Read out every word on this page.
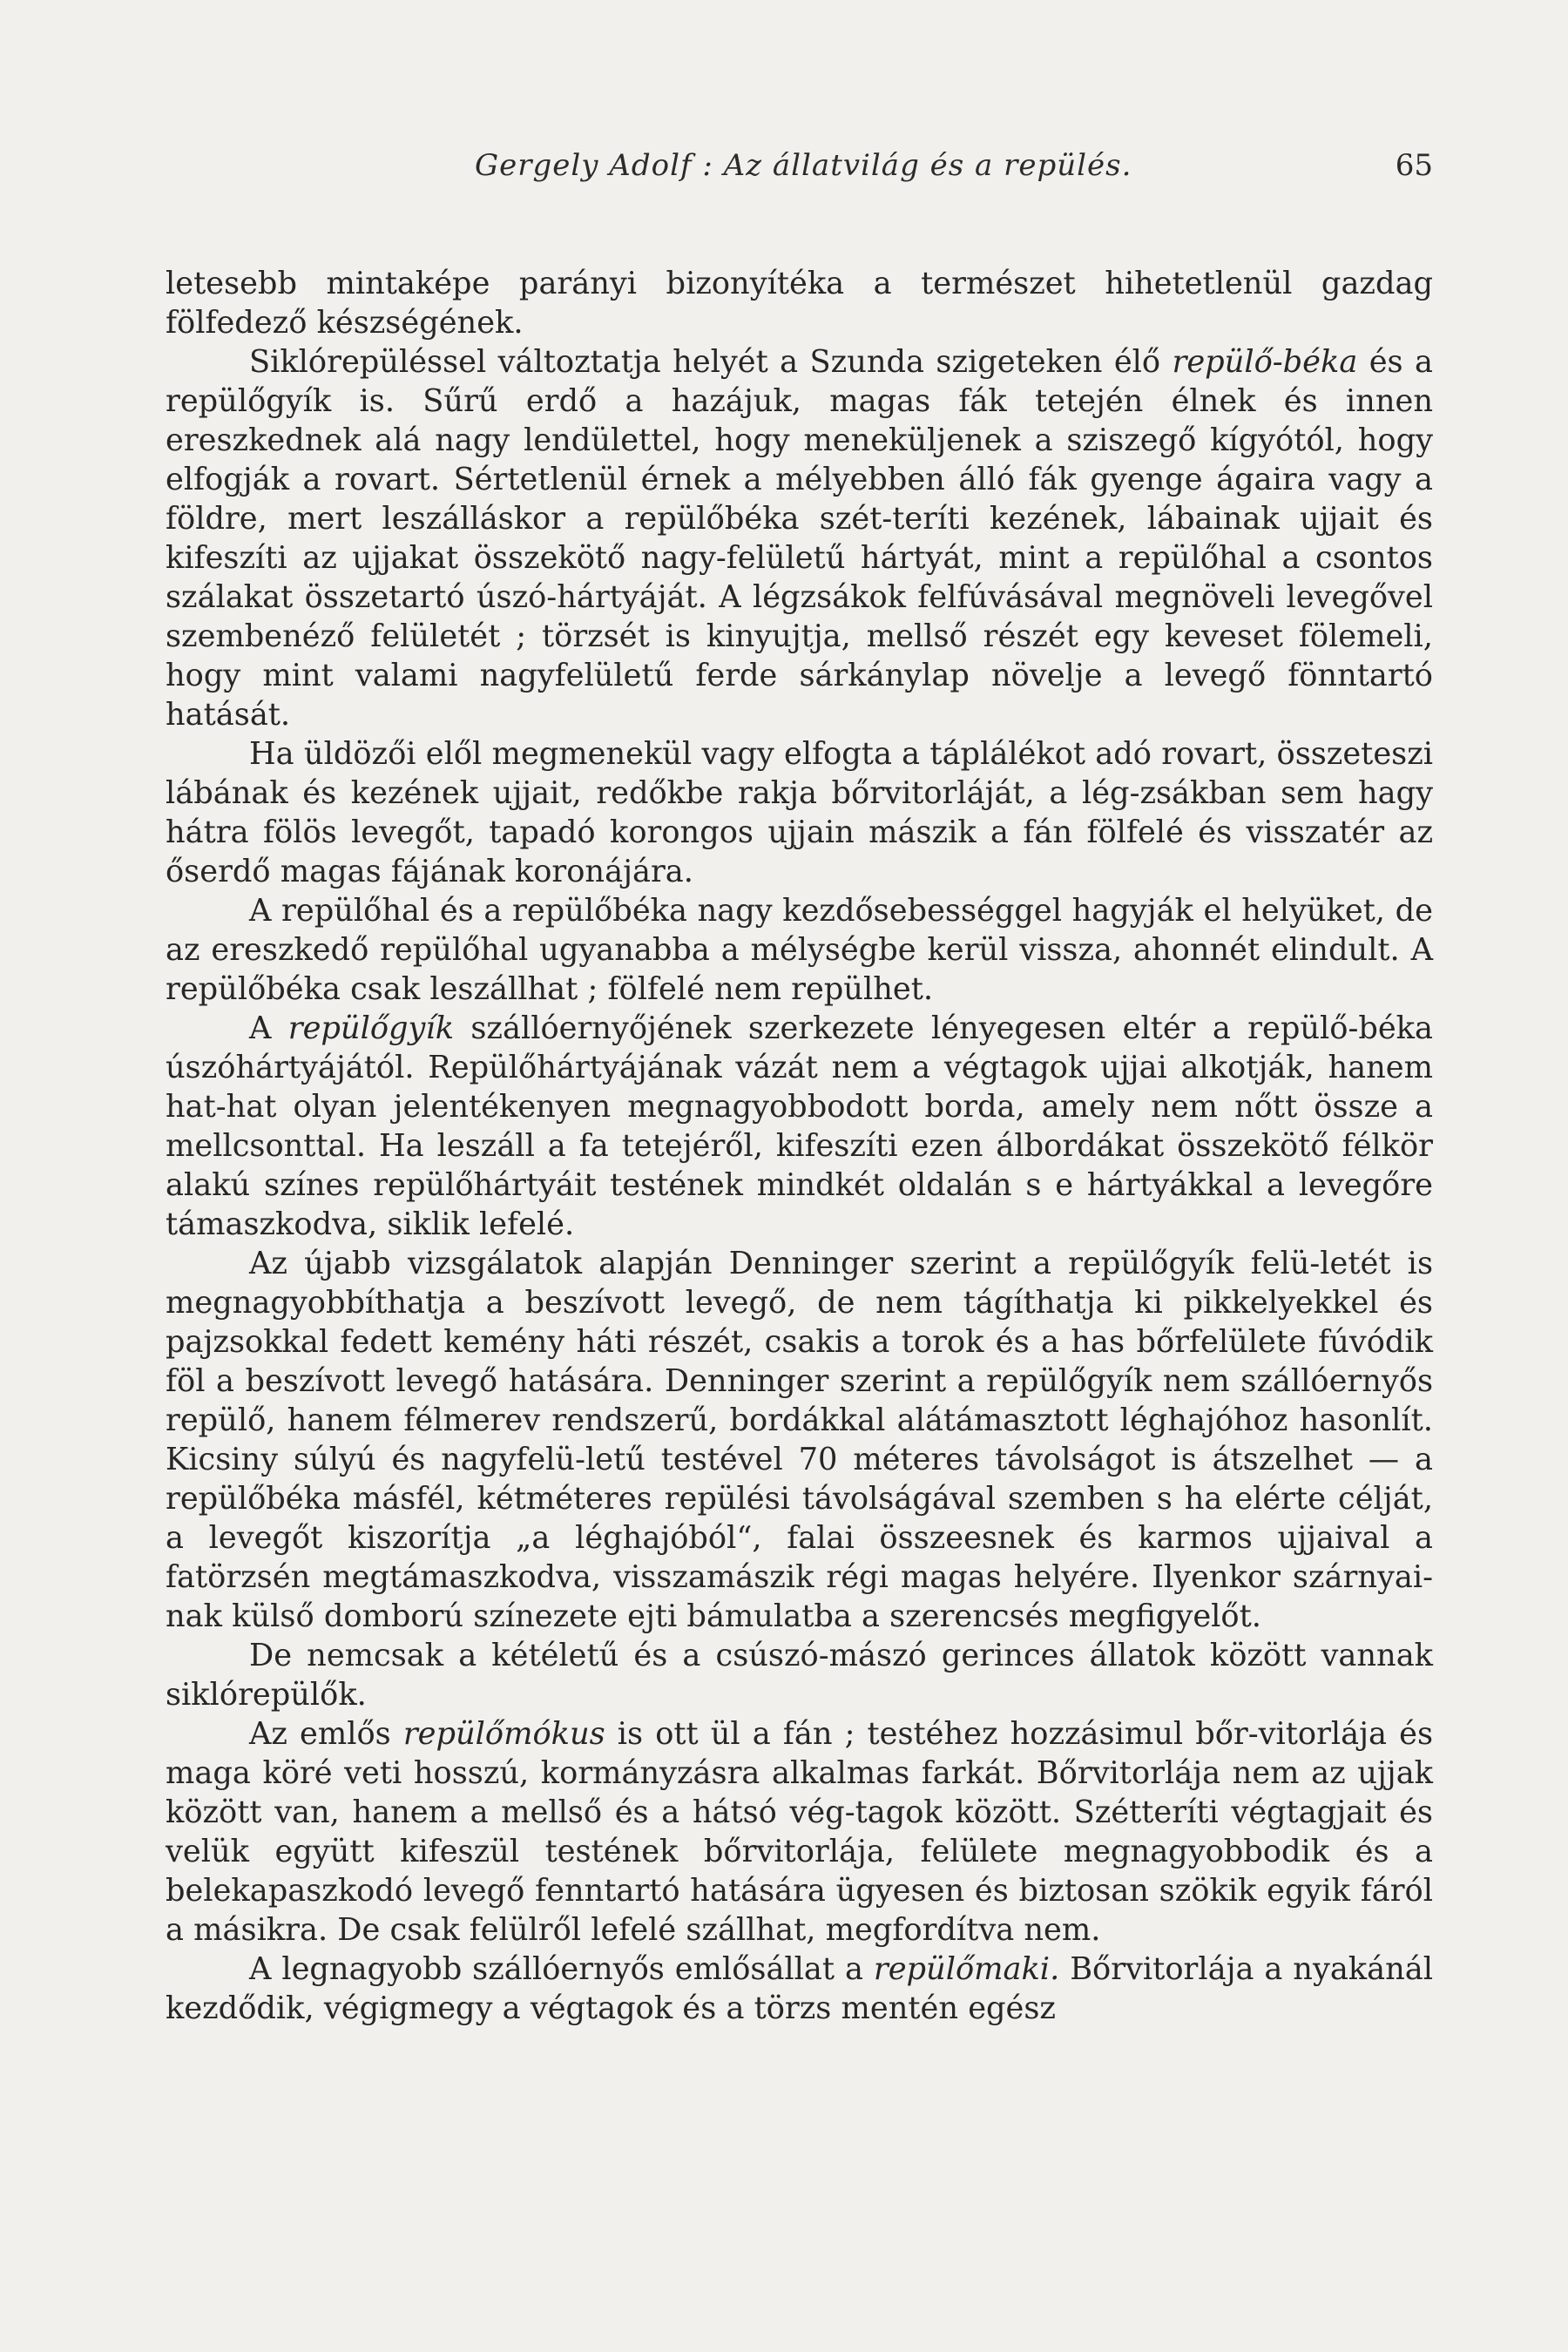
Gergely Adolf : Az állatvilág és a repülés.	65

letesebb mintaképe parányi bizonyítéka a természet hihetetlenül gazdag fölfedező készségének.

Siklórepüléssel változtatja helyét a Szunda szigeteken élő repülő-béka és a repülőgyík is. Sűrű erdő a hazájuk, magas fák tetején élnek és innen ereszkednek alá nagy lendülettel, hogy meneküljenek a sziszegő kígyótól, hogy elfogják a rovart. Sértetlenül érnek a mélyebben álló fák gyenge ágaira vagy a földre, mert leszálláskor a repülőbéka szét-teríti kezének, lábainak ujjait és kifeszíti az ujjakat összekötő nagy-felületű hártyát, mint a repülőhal a csontos szálakat összetartó úszó-hártyáját. A légzsákok felfúvásával megnöveli levegővel szembenéző felületét ; törzsét is kinyujtja, mellső részét egy keveset fölemeli, hogy mint valami nagyfelületű ferde sárkánylap növelje a levegő fönntartó hatását.

Ha üldözői elől megmenekül vagy elfogta a táplálékot adó rovart, összeteszi lábának és kezének ujjait, redőkbe rakja bőrvitorláját, a lég-zsákban sem hagy hátra fölös levegőt, tapadó korongos ujjain mászik a fán fölfelé és visszatér az őserdő magas fájának koronájára.

A repülőhal és a repülőbéka nagy kezdősebességgel hagyják el helyüket, de az ereszkedő repülőhal ugyanabba a mélységbe kerül vissza, ahonnét elindult. A repülőbéka csak leszállhat ; fölfelé nem repülhet.

A repülőgyík szállóernyőjének szerkezete lényegesen eltér a repülő-béka úszóhártyájától. Repülőhártyájának vázát nem a végtagok ujjai alkotják, hanem hat-hat olyan jelentékenyen megnagyobbodott borda, amely nem nőtt össze a mellcsonttal. Ha leszáll a fa tetejéről, kifeszíti ezen álbordákat összekötő félkör alakú színes repülőhártyáit testének mindkét oldalán s e hártyákkal a levegőre támaszkodva, siklik lefelé.

Az újabb vizsgálatok alapján Denninger szerint a repülőgyík felü-letét is megnagyobbíthatja a beszívott levegő, de nem tágíthatja ki pikkelyekkel és pajzsokkal fedett kemény háti részét, csakis a torok és a has bőrfelülete fúvódik föl a beszívott levegő hatására. Denninger szerint a repülőgyík nem szállóernyős repülő, hanem félmerev rendszerű, bordákkal alátámasztott léghajóhoz hasonlít. Kicsiny súlyú és nagyfelü-letű testével 70 méteres távolságot is átszelhet — a repülőbéka másfél, kétméteres repülési távolságával szemben s ha elérte célját, a levegőt kiszorítja „a léghajóból“, falai összeesnek és karmos ujjaival a fatörzsén megtámaszkodva, visszamászik régi magas helyére. Ilyenkor szárnyai-nak külső domború színezete ejti bámulatba a szerencsés megfigyelőt.

De nemcsak a kétéletű és a csúszó-mászó gerinces állatok között vannak siklórepülők.

Az emlős repülőmókus is ott ül a fán ; testéhez hozzásimul bőr-vitorlája és maga köré veti hosszú, kormányzásra alkalmas farkát. Bőrvitorlája nem az ujjak között van, hanem a mellső és a hátsó vég-tagok között. Szétteríti végtagjait és velük együtt kifeszül testének bőrvitorlája, felülete megnagyobbodik és a belekapaszkodó levegő fenntartó hatására ügyesen és biztosan szökik egyik fáról a másikra. De csak felülről lefelé szállhat, megfordítva nem.

A legnagyobb szállóernyős emlősállat a repülőmaki. Bőrvitorlája a nyakánál kezdődik, végigmegy a végtagok és a törzs mentén egész
